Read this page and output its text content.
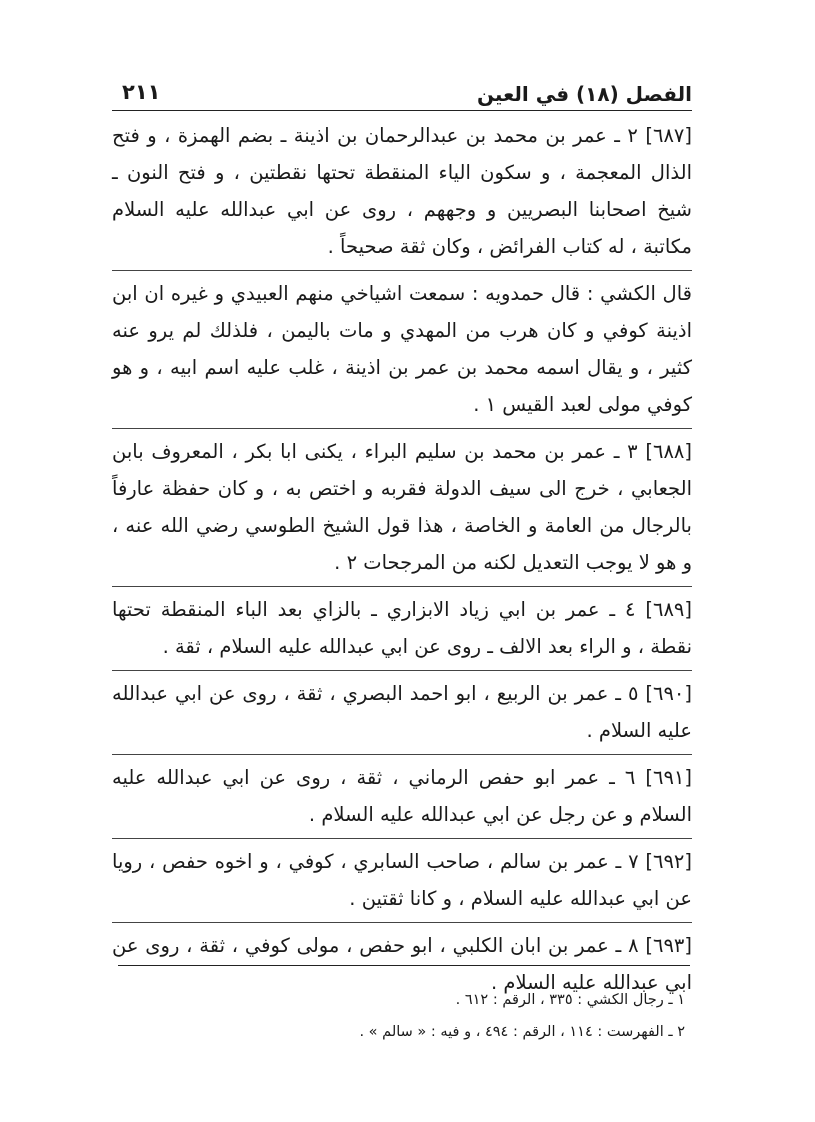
الفصل (١٨) في العين
٢١١

[٦٨٧] ٢ ـ عمر بن محمد بن عبدالرحمان بن اذينة ـ بضم الهمزة ، و فتح الذال المعجمة ، و سكون الياء المنقطة تحتها نقطتين ، و فتح النون ـ شيخ اصحابنا البصريين و وجههم ، روى عن ابي عبدالله عليه السلام مكاتبة ، له كتاب الفرائض ، وكان ثقة صحيحاً .

قال الكشي : قال حمدويه : سمعت اشياخي منهم العبيدي و غيره ان ابن اذينة كوفي و كان هرب من المهدي و مات باليمن ، فلذلك لم يرو عنه كثير ، و يقال اسمه محمد بن عمر بن اذينة ، غلب عليه اسم ابيه ، و هو كوفي مولى لعبد القيس ١ .

[٦٨٨] ٣ ـ عمر بن محمد بن سليم البراء ، يكنى ابا بكر ، المعروف بابن الجعابي ، خرج الى سيف الدولة فقربه و اختص به ، و كان حفظة عارفاً بالرجال من العامة و الخاصة ، هذا قول الشيخ الطوسي رضي الله عنه ، و هو لا يوجب التعديل لكنه من المرجحات ٢ .

[٦٨٩] ٤ ـ عمر بن ابي زياد الابزاري ـ بالزاي بعد الباء المنقطة تحتها نقطة ، و الراء بعد الالف ـ روى عن ابي عبدالله عليه السلام ، ثقة .

[٦٩٠] ٥ ـ عمر بن الربيع ، ابو احمد البصري ، ثقة ، روى عن ابي عبدالله عليه السلام .

[٦٩١] ٦ ـ عمر ابو حفص الرماني ، ثقة ، روى عن ابي عبدالله عليه السلام و عن رجل عن ابي عبدالله عليه السلام .

[٦٩٢] ٧ ـ عمر بن سالم ، صاحب السابري ، كوفي ، و اخوه حفص ، رويا عن ابي عبدالله عليه السلام ، و كانا ثقتين .

[٦٩٣] ٨ ـ عمر بن ابان الكلبي ، ابو حفص ، مولى كوفي ، ثقة ، روى عن ابي عبدالله عليه السلام .

١ ـ رجال الكشي : ٣٣٥ ، الرقم : ٦١٢ .

٢ ـ الفهرست : ١١٤ ، الرقم : ٤٩٤ ، و فيه : « سالم » .
